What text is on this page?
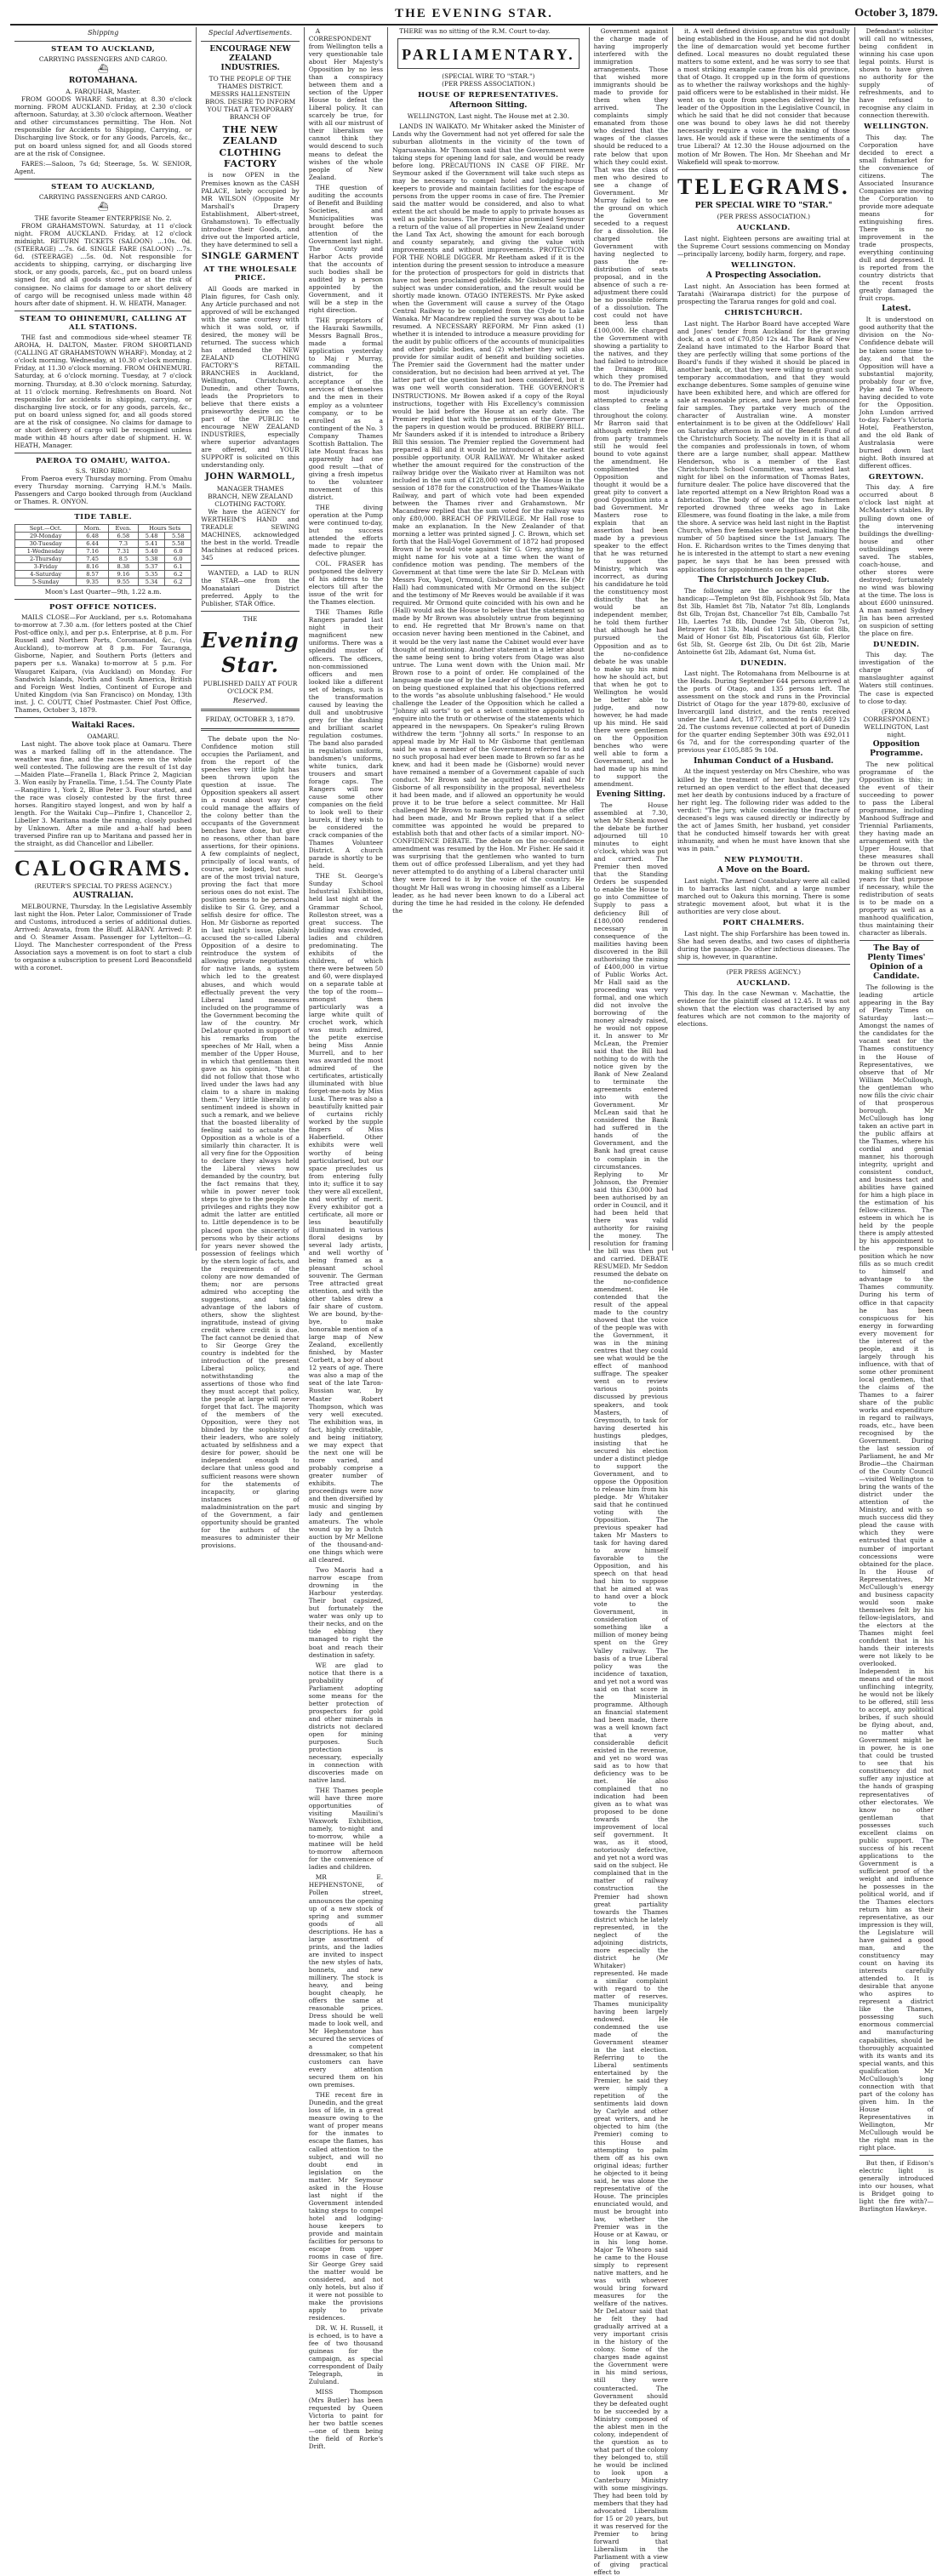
THE EVENING STAR.	October 3, 1879.
Shipping
STEAM TO AUCKLAND,
CARRYING PASSENGERS AND CARGO.
⛴
ROTOMAHANA.
A. FARQUHAR, Master.

FROM GOODS WHARF. Saturday, at 8.30 o'clock morning. FROM AUCKLAND. Friday, at 2.30 o'clock afternoon. Saturday, at 3.30 o'clock afternoon. Weather and other circumstances permitting. The Hon. Not responsible for Accidents to Shipping, Carrying, or Discharging live Stock, or for any Goods, Parcels, &c., put on board unless signed for, and all Goods stored are at the risk of Consignee.

FARES:—Saloon, 7s 6d; Steerage, 5s. W. SENIOR, Agent.

STEAM TO AUCKLAND,
CARRYING PASSENGERS AND CARGO.
⛴
THE favorite Steamer ENTERPRISE No. 2.

FROM GRAHAMSTOWN. Saturday, at 11 o'clock night. FROM AUCKLAND. Friday, at 12 o'clock midnight. RETURN TICKETS (SALOON) ...10s. 0d. (STEERAGE) ...7s. 6d. SINGLE FARE (SALOON) ...7s. 6d. (STEERAGE) ...5s. 0d. Not responsible for accidents to shipping, carrying, or discharging live stock, or any goods, parcels, &c., put on board unless signed for, and all goods stored are at the risk of consignee. No claims for damage to or short delivery of cargo will be recognised unless made within 48 hours after date of shipment. H. W. HEATH, Manager.

STEAM TO OHINEMURI, CALLING AT ALL STATIONS.

THE fast and commodious side-wheel steamer TE AROHA, H. DALTON, Master. FROM SHORTLAND (CALLING AT GRAHAMSTOWN WHARF). Monday, at 2 o'clock morning. Wednesday, at 10.30 o'clock morning. Friday, at 11.30 o'clock morning. FROM OHINEMURI. Saturday, at 6 o'clock morning. Tuesday, at 7 o'clock morning. Thursday, at 8.30 o'clock morning. Saturday, at 11 o'clock morning. Refreshments on Board. Not responsible for accidents in shipping, carrying, or discharging live stock, or for any goods, parcels, &c., put on board unless signed for, and all goods stored are at the risk of consignee. No claims for damage to or short delivery of cargo will be recognised unless made within 48 hours after date of shipment. H. W. HEATH, Manager.

PAEROA TO OMAHU, WAITOA.
S.S. 'RIRO RIRO.'

From Paeroa every Thursday morning. From Omahu every Thursday morning. Carrying H.M.'s Mails. Passengers and Cargo booked through from (Auckland or Thames. R. ONYON.

TIDE TABLE.
Sept.—Oct.	Morn.	Even.	Hours Sets	
29-Monday	6.48	6.58	5.48	5.58
30-Tuesday	6.44	7.3	5.41	5.58
1-Wednesday	7.16	7.31	5.40	6.0
2-Thursday	7.45	8.5	5.38	6.0
3-Friday	8.16	8.38	5.37	6.1
4-Saturday	8.57	9.16	5.35	6.2
5-Sunday	9.35	9.55	5.34	6.2
Moon's Last Quarter—9th, 1.22 a.m.
POST OFFICE NOTICES.

MAILS CLOSE—For Auckland, per s.s. Rotomahana to-morrow at 7.30 a.m. (for letters posted at the Chief Post-office only.), and per p.s. Enterprise, at 8 p.m. For Russell and Northern Ports, Coromandel, &c., (via Auckland), to-morrow at 8 p.m. For Tauranga, Gisborne, Napier, and Southern Ports (letters and papers per s.s. Wanaka) to-morrow at 5 p.m. For Waugaret Kaipara, (via Auckland) on Monday. For Sandwich Islands, North and South America, British and Foreign West Indies, Continent of Europe and United Kingdom (via San Francisco) on Monday, 13th inst. J. C. COUTT, Chief Postmaster. Chief Post Office, Thames, October 3, 1879.

Waitaki Races.
OAMARU.

Last night. The above took place at Oamaru. There was a marked falling off in the attendance. The weather was fine, and the races were on the whole well contested. The following are the result of 1st day—Maiden Plate—Franella 1, Black Prince 2, Magician 3. Won easily by Franella. Time, 1.54. The County Plate—Rangitiro 1, York 2, Blue Peter 3. Four started, and the race was closely contested by the first three horses. Rangitiro stayed longest, and won by half a length. For the Waitaki Cup—Pinfire 1, Chancellor 2, Libeller 3. Maritana made the running, closely pushed by Unknown. After a mile and a-half had been traversed Pinfire ran up to Maritana and passed her in the straight, as did Chancellor and Libeller.

CALOGRAMS.
(REUTER'S SPECIAL TO PRESS AGENCY.)
AUSTRALIAN.

MELBOURNE, Thursday. In the Legislative Assembly last night the Hon. Peter Lalor, Commissioner of Trade and Customs, introduced a series of additional duties. Arrived: Arawata, from the Bluff. ALBANY. Arrived: P. and O. Steamer Assam. Passenger for Lyttelton—G. Lloyd. The Manchester correspondent of the Press Association says a movement is on foot to start a club to organise a subscription to present Lord Beaconsfield with a coronet.

Special Advertisements.
ENCOURAGE NEW ZEALAND INDUSTRIES.
TO THE PEOPLE OF THE THAMES DISTRICT.

MESSRS HALLENSTEIN BROS. DESIRE TO INFORM YOU THAT A TEMPORARY BRANCH OF

THE NEW ZEALAND CLOTHING FACTORY

is now OPEN in the Premises known as the CASH PALACE, lately occupied by MR WILSON (Opposite Mr Marshall's Drapery Establishment, Albert-street, Grahamstown). To effectually introduce their Goods, and drive out the Imported article, they have determined to sell a

SINGLE GARMENT
AT THE WHOLESALE PRICE.

All Goods are marked in Plain figures, for Cash only. Any Article purchased and not approved of will be exchanged with the same courtesy with which it was sold, or, if desired, the money will be returned. The success which has attended the NEW ZEALAND CLOTHING FACTORY'S RETAIL BRANCHES in Auckland, Wellington, Christchurch, Dunedin, and other Towns, leads the Proprietors to believe that there exists a praiseworthy desire on the part of the PUBLIC to encourage NEW ZEALAND INDUSTRIES, especially where superior advantages are offered, and YOUR SUPPORT is solicited on this understanding only.

JOHN WARMOLL,
MANAGER THAMES BRANCH, NEW ZEALAND CLOTHING FACTORY.

We have the AGENCY for WERTHEIM'S HAND and TREADLE SEWING MACHINES, acknowledged the best in the world. Treadle Machines at reduced prices. 345

WANTED, a LAD to RUN the STAR—one from the Moanataiari District preferred. Apply to the Publisher, STAR Office.

THE
Evening Star.
PUBLISHED DAILY AT FOUR O'CLOCK P.M.
Reserved.
FRIDAY, OCTOBER 3, 1879.

The debate upon the No-Confidence motion still occupies the Parliament, and from the report of the speeches very little light has been thrown upon the question at issue. The Opposition speakers all assert in a round about way they could manage the affairs of the colony better than the occupants of the Government benches have done, but give no reasons, other than bare assertions, for their opinions. A few complaints of neglect, principally of local wants, of course, are lodged, but such are of the most trivial nature, proving the fact that more serious ones do not exist. The position seems to be personal dislike to Sir G. Grey, and a selfish desire for office. The Hon. Mr Gisborne as reported in last night's issue, plainly accused the so-called Liberal Opposition of a desire to reintroduce the system of allowing private negotiations for native lands, a system which led to the greatest abuses, and which would effectually prevent the very Liberal land measures included on the programme of the Government becoming the law of the country. Mr DeLatour quoted in support of his remarks from the speeches of Mr Hall, when a member of the Upper House, in which that gentleman then gave as his opinion, "that it did not follow that those who lived under the laws had any claim to a share in making them." Very little liberality of sentiment indeed is shown in such a remark, and we believe that the boasted liberality of feeling said to actuate the Opposition as a whole is of a similarly thin character. It is all very fine for the Opposition to declare they always held the Liberal views now demanded by the country, but the fact remains that they, while in power never took steps to give to the people the privileges and rights they now admit the latter are entitled to. Little dependence is to be placed upon the sincerity of persons who by their actions for years never showed the possession of feelings which by the stern logic of facts, and the requirements of the colony are now demanded of them; nor are persons admired who accepting the suggestions, and taking advantage of the labors of others, show the slightest ingratitude, instead of giving credit where credit is due. The fact cannot be denied that to Sir George Grey the country is indebted for the introduction of the present Liberal policy, and notwithstanding the assertions of those who find they must accept that policy, the people at large will never forget that fact. The majority of the members of the Opposition, were they not blinded by the sophistry of their leaders, who are solely actuated by selfishness and a desire for power, should be independent enough to declare that unless good and sufficient reasons were shown for the statements of incapacity, or glaring instances of maladministration on the part of the Government, a fair opportunity should be granted for the authors of the measures to administer their provisions.

A CORRESPONDENT from Wellington tells a very questionable tale about Her Majesty's Opposition by no less than a conspiracy between them and a section of the Upper House to defeat the Liberal policy. It can scarcely be true, for with all our mistrust of their liberalism we cannot think they would descend to such means to defeat the wishes of the whole people of New Zealand.

THE question of auditing the accounts of Benefit and Building Societies, and Municipalities was brought before the attention of the Government last night. The County and Harbor Acts provide that the accounts of such bodies shall be audited by a person appointed by the Government, and it will be a step in the right direction.

THE proprietors of the Hauraki Sawmills, Messrs Bagnall Bros., made a formal application yesterday to Maj r Murray, commanding the district, for the acceptance of the services of themselves and the men in their employ as a volunteer company, or to be enrolled as a contingent of the No. 3 Company Thames Scottish Battalion. The late Mount fracas has apparently had one good result —that of giving a fresh impetus to the volunteer movement of this district.

THE diving operation at the Pump were continued to-day, but no success attended the efforts made to repair the defective plunger.

COL. FRASER has postponed the delivery of his address to the electors till after the issue of the writ for the Thames election.

THE Thames Rifle Rangers paraded last night in their magnificent new uniforms. There was a splendid muster of officers. The officers, non-commissioned officers and men looked like a different set of beings, such is the transformation caused by leaving the dull and unobtrusive grey for the dashing and brilliant scarlet regulation costumes. The band also paraded in regulation uniform, bandsmen's uniforms, white tunics, dark trousers and smart forage caps. The Rangers will now cause some other companies on the field to look well to their laurels, if they wish to be considered the crack companies of the Thames Volunteer District. A church parade is shortly to be held.

THE St. George's Sunday School Industrial Exhibition, held last night at the Grammar School, Rolleston street, was a great success. The building was crowded, ladies and children predominating. The exhibits of the children, of which there were between 50 and 60, were displayed on a separate table at the top of the room—amongst them particularly was a large white quilt of crochet work, which was much admired, the petite exercise being Miss Annie Murrell, and to her was awarded the most admired of the certificates, artistically illuminated with blue forget-me-nots by Miss Lusk. There was also a beautifully knitted pair of curtains richly worked by the supple fingers of Miss Haberfield. Other exhibits were well worthy of being particularised, but our space precludes us from entering fully into it; suffice it to say they were all excellent, and worthy of merit. Every exhibitor got a certificate, all more or less beautifully illuminated in various floral designs by several lady artists, and well worthy of being framed as a pleasant school souvenir. The German Tree attracted great attention, and with the other tables drew a fair share of custom. We are bound, by-the-bye, to make honorable mention of a large map of New Zealand, excellently finished, by Master Corbett, a boy of about 12 years of age. There was also a map of the seat of the late Taron-Russian war, by Master Robert Thompson, which was very well executed. The exhibition was, in fact, highly creditable, and being initiatory, we may expect that the next one will be more varied, and probably comprise a greater number of exhibits. The proceedings were now and then diversified by music and singing by lady and gentlemen amateurs. The whole wound up by a Dutch auction by Mr Mellone of the thousand-and-one things which were all cleared.

Two Maoris had a narrow escape from drowning in the Harbour yesterday. Their boat capsized, but fortunately the water was only up to their necks, and on the tide ebbing they managed to right the boat and reach their destination in safety.

WE are glad to notice that there is a probability of Parliament adopting some means for the better protection of prospectors for gold and other minerals in districts not declared open for mining purposes. Such protection is necessary, especially in connection with discoveries made on native land.

THE Thames people will have three more opportunities of visiting Mauilini's Waxwork Exhibition, namely, to-night and to-morrow, while a matinee will be held to-morrow afternoon for the convenience of ladies and children.

MR E. HEPHENSTONE, of Pollen street, announces the opening up of a new stock of spring and summer goods of all descriptions. He has a large assortment of prints, and the ladies are invited to inspect the new styles of hats, bonnets, and new millinery. The stock is heavy, and being bought cheaply, he offers the same at reasonable prices. Dress should be well made to look well, and Mr Hephenstone has secured the services of a competent dressmaker, so that his customers can have every attention secured them on his own premises.

THE recent fire in Dunedin, and the great loss of life, in a great measure owing to the want of proper means for the inmates to escape the flames, has called attention to the subject, and will no doubt end in legislation on the matter. Mr Seymour asked in the House last night if the Government intended taking steps to compel hotel and lodging-house keepers to provide and maintain facilities for persons to escape from upper rooms in case of fire. Sir George Grey said the matter would be considered, and not only hotels, but also if it were not possible to make the provisions apply to private residences.

DR. W. H. Russell, it is echoed, is to have a fee of two thousand guineas for the campaign, as special correspondent of Daily Telegraph, in Zululand.

MISS Thompson (Mrs Butler) has been requested by Queen Victoria to paint for her two battle scenes—one of them being the field of Rorke's Drift.

THERE was no sitting of the R.M. Court to-day.

PARLIAMENTARY.
(SPECIAL WIRE TO "STAR.")
(PER PRESS ASSOCIATION.)
HOUSE OF REPRESENTATIVES.
Afternoon Sitting.

WELLINGTON, Last night. The House met at 2.30.

LANDS IN WAIKATO. Mr Whitaker asked the Minister of Lands why the Government had not yet offered for sale the suburban allotments in the vicinity of the town of Ngaruawahia. Mr Thomson said that the Government were taking steps for opening land for sale, and would be ready before long. PRECAUTIONS IN CASE OF FIRE. Mr Seymour asked if the Government will take such steps as may be necessary to compel hotel and lodging-house keepers to provide and maintain facilities for the escape of persons from the upper rooms in case of fire. The Premier said the matter would be considered, and also to what extent the act should be made to apply to private houses as well as public houses. The Premier also promised Seymour a return of the value of all properties in New Zealand under the Land Tax Act, showing the amount for each borough and county separately, and giving the value with improvements and without improvements. PROTECTION FOR THE NOBLE DIGGER. Mr Reetham asked if it is the intention during the present session to introduce a measure for the protection of prospectors for gold in districts that have not been proclaimed goldfields. Mr Gisborne said the subject was under consideration, and the result would be shortly made known. OTAGO INTERESTS. Mr Pyke asked when the Government will cause a survey of the Otago Central Railway to be completed from the Clyde to Lake Wanaka. Mr Macandrew replied the survey was about to be resumed. A NECESSARY REFORM. Mr Finn asked (1) whether it is intended to introduce a measure providing for the audit by public officers of the accounts of municipalities and other public bodies, and (2) whether they will also provide for similar audit of benefit and building societies. The Premier said the Government had the matter under consideration, but no decision had been arrived at yet. The latter part of the question had not been considered, but it was one well worth consideration. THE GOVERNOR'S INSTRUCTIONS. Mr Bowen asked if a copy of the Royal instructions, together with His Excellency's commission would be laid before the House at an early date. The Premier replied that with the permission of the Governor the papers in question would be produced. BRIBERY BILL. Mr Saunders asked if it is intended to introduce a Bribery Bill this session. The Premier replied the Government had prepared a Bill and it would be introduced at the earliest possible opportunity. OUR RAILWAY. Mr Whitaker asked whether the amount required for the construction of the railway bridge over the Waikato river at Hamilton was not included in the sum of £128,000 voted by the House in the session of 1878 for the construction of the Thames-Waikato Railway, and part of which vote had been expended between the Thames river and Grahamstown. Mr Macandrew replied that the sum voted for the railway was only £80,000. BREACH OF PRIVILEGE. Mr Hall rose to make an explanation. In the New Zealander of that morning a letter was printed signed J. C. Brown, which set forth that the Hall-Vogel Government of 1872 had proposed Brown if he would vote against Sir G. Grey, anything he might name for his vote at a time when the want of confidence motion was pending. The members of the Government at that time were the late Sir D. McLean with Messrs Fox, Vogel, Ormond, Gisborne and Reeves. He (Mr Hall) had communicated with Mr Ormond on the subject and the testimony of Mr Reeves would be available if it was required. Mr Ormond quite coincided with his own and he (Hall) would ask the House to believe that the statement so made by Mr Brown was absolutely untrue from beginning to end. He regretted that Mr Brown's name on that occasion never having been mentioned in the Cabinet, and it would be the very last name the Cabinet would ever have thought of mentioning. Another statement in a letter about the same being sent to bring voters from Otago was also untrue. The Luna went down with the Union mail. Mr Brown rose to a point of order. He complained of the language made use of by the Leader of the Opposition, and on being questioned explained that his objections referred to the words "as absolute unblushing falsehood." He would challenge the Leader of the Opposition which he called a "Johnny all sorts" to get a select committee appointed to enquire into the truth or otherwise of the statements which appeared in the newspapers. On Speaker's ruling Brown withdrew the term "Johnny all sorts." In response to an appeal made by Mr Hall to Mr Gisborne that gentleman said he was a member of the Government referred to and no such proposal had ever been made to Brown so far as he knew, and had it been made he (Gisborne) would never have remained a member of a Government capable of such conduct. Mr Brown said he acquitted Mr Hall and Mr Gisborne of all responsibility in the proposal, nevertheless it had been made, and if allowed an opportunity he would prove it to be true before a select committee. Mr Hall challenged Mr Brown to name the party by whom the offer had been made, and Mr Brown replied that if a select committee was appointed he would be prepared to establish both that and other facts of a similar import. NO-CONFIDENCE DEBATE. The debate on the no-confidence amendment was resumed by the Hon. Mr Fisher. He said it was surprising that the gentlemen who wanted to turn them out of office professed Liberalism, and yet they had never attempted to do anything of a Liberal character until they were forced to it by the voice of the country. He thought Mr Hall was wrong in choosing himself as a Liberal leader, as he had never been known to do a Liberal act during the time he had resided in the colony. He defended the

Government against the charge made of having improperly interfered with the immigration arrangements. Those that wished more immigrants should be made to provide for them when they arrived. The complaints simply emanated from those who desired that the wages of the classes should be reduced to a rate below that upon which they could exist. That was the class of men who desired to see a change of Government. Mr Murray failed to see the ground on which the Government seceded to a request for a dissolution. He charged the Government with having neglected to pass the re-distribution of seats proposal, and in the absence of such a re-adjustment there could be no possible reform of a dissolution. The cost could not have been less than £100,000. He charged the Government with showing a partiality to the natives, and they had failed to introduce the Drainage Bill, which they promised to do. The Premier had most injudiciously attempted to create a class feeling throughout the colony. Mr Barron said that although entirely free from party trammels still he would feel bound to vote against the amendment. He complimented the Opposition and thought it would be a great pity to convert a good Opposition into a bad Government. Mr Masters rose to explain that an assertion had been made by a previous speaker to the effect that he was returned to support the Ministry, which was incorrect, as during his candidature he told the constituency most distinctly that he would be an independent member, he told them further that although he had pursued the Opposition and as to the no-confidence debate he was unable to make up his mind how he should act, but that when he got to Wellington he would be better able to judge, and now however, he had made up his mind. He said there were gentlemen on the Opposition benches who were well able to form a Government, and he had made up his mind to support the amendment.

Evening Sitting.

The House assembled at 7.30, when Mr Shenk moved the debate be further adjourned till 10 minutes to eight o'clock, which was put and carried. The Premier then moved that the Standing Orders be suspended to enable the House to go into Committee of Supply to pass a deficiency Bill of £180,000 rendered necessary in consequence of the mailities having been discovered in the Bill authorising the raising of £400,000 in virtue of Public Works Act. Mr Hall said as the proceeding was very formal, and one which did not involve the borrowing of the money already raised, he would not oppose it. In answer to Mr McLean, the Premier said that the Bill had nothing to do with the notice given by the Bank of New Zealand to terminate the agreements entered into with the Government. Mr McLean said that he considered the Bank had suffered in the hands of the Government, and the Bank had great cause to complain in the circumstances. Replying to Mr Johnson, the Premier said this £30,000 had been authorised by an order in Council, and it had been held that there was valid authority for raising the money. The resolution for framing the bill was then put and carried. DEBATE RESUMED. Mr Seddon resumed the debate on the no-confidence amendment. He contended that the result of the appeal made to the country showed that the voice of the people was with the Government, it was in the mining centres that they could see what would be the effect of manhood suffrage. The speaker went on to review various points discussed by previous speakers, and took Masters, of Greymouth, to task for having deserted his hustings pledges, insisting that he secured his election under a distinct pledge to support the Government, and to oppose the Opposition to release him from his pledge. Mr Whitaker said that he continued voting with the Opposition. The previous speaker had taken Mr Masters to task for having dared to avow himself favorable to the Opposition, and his speech on that head had him to suppose that he aimed at was to hand over a block vote to the Government, in consideration of something like a million of money being spent on the Grey Valley railway. The basis of a true Liberal policy was the incidence of taxation, and yet not a word was said on that score in the Ministerial programme. Although an financial statement had been made, there was a well known fact that a very considerable deficit existed in the revenue, and yet no word was said as to how that deficiency was to be met. He also complained that no indication had been given as to what was proposed to be done towards the improvement of local self government. It was, as it stood, notoriously defective, and yet not a word was said on the subject. He complained that in the matter of railway construction the Premier had shown great partiality towards the Thames district which he lately represented, in the neglect of the adjoining districts, more especially the district he (Mr Whitaker) represented. He made a similar complaint with regard to the matter of reserves. Thames municipality having been largely endowed. He condemned the use made of the Government steamer in the last election. Referring to the Liberal sentiments entertained by the Premier, he said they were simply a repetition of the sentiments laid down by Carlyle and other great writers, and he objected to him (the Premier) coming to this House and attempting to palm them off as his own original ideas; further he objected to it being said, he was alone the representative of the House. The principles enunciated would, and must be brought into law, whether the Premier was in the House or at Kawau, or in his long home. Major Te Wheoro said he came to the House simply to represent native matters, and he was with whoever would bring forward measures for the welfare of the natives. Mr DeLatour said that he felt they had gradually arrived at a very important crisis in the history of the colony. Some of the charges made against the Government were in his mind serious, still they were counteracted. The Government should they be defeated ought to be succeeded by a Ministry composed of the ablest men in the colony, independent of the question as to what part of the colony they belonged to, still he would be inclined to look upon a Canterbury Ministry with some misgivings. They had been told by members that they had advocated Liberalism for 15 or 20 years, but it was reserved for the Premier to bring forward that Liberalism in the Parliament with a view of giving practical effect to

it. A well defined division apparatus was gradually being established in the House, and he did not doubt the line of demarcation would yet become further defined. Local measures no doubt regulated these matters to some extent, and he was sorry to see that a most striking example came from his old province, that of Otago. It cropped up in the form of questions as to whether the railway workshops and the highly-paid officers were to be established in their midst. He went on to quote from speeches delivered by the leader of the Opposition in the Legislative Council, in which he said that he did not consider that because one was bound to obey laws he did not thereby necessarily require a voice in the making of those laws. He would ask if these were the sentiments of a true Liberal? At 12.30 the House adjourned on the motion of Mr Bowen. The Hon. Mr Sheehan and Mr Wakefield will speak to-morrow.

TELEGRAMS.
PER SPECIAL WIRE TO "STAR."
(PER PRESS ASSOCIATION.)
AUCKLAND.

Last night. Eighteen persons are awaiting trial at the Supreme Court sessions commencing on Monday—principally larceny, bodily harm, forgery, and rape.

WELLINGTON.
A Prospecting Association.

Last night. An Association has been formed at Taratahi (Wairarapa district) for the purpose of prospecting the Tararua ranges for gold and coal.

CHRISTCHURCH.

Last night. The Harbor Board have accepted Ware and Jones' tender from Auckland for the graving dock, at a cost of £70,850 12s 4d. The Bank of New Zealand have intimated to the Harbor Board that they are perfectly willing that some portions of the Board's funds if they wished it should be placed in another bank, or, that they were willing to grant such temporary accommodation, and that they would exchange debentures. Some samples of genuine wine have been exhibited here, and which are offered for sale at reasonable prices, and have been pronounced fair samples. They partake very much of the character of Australian wine. A monster entertainment is to be given at the Oddfellows' Hall on Saturday afternoon in aid of the Benefit Fund of the Christchurch Society. The novelty in it is that all the companies and professionals in town, of whom there are a large number, shall appear. Matthew Henderson, who is a member of the East Christchurch School Committee, was arrested last night for libel on the information of Thomas Bates, furniture dealer. The police have discovered that the late reported attempt on a New Brighton Road was a fabrication. The body of one of the two fishermen reported drowned three weeks ago in Lake Ellesmere, was found floating in the lake, a mile from the shore. A service was held last night in the Baptist Church, when five females were baptised, making the number of 50 baptised since the 1st January. The Hon. E. Richardson writes to the Times denying that he is interested in the attempt to start a new evening paper, he says that he has been pressed with applications for appointments on the paper.

The Christchurch Jockey Club.

The following are the acceptances for the handicap:—Templeton 9st 8lb, Fishhook 9st 5lb, Mata 8st 3lb, Hamlet 8st 7lb, Natator 7st 8lb, Longlands 8st 6lb, Trojan 8st, Chancellor 7st 8lb, Camballo 7st 1lb, Laertes 7st 8lb, Dundee 7st 5lb, Oberon 7st, Betrayer 6st 13lb, Maid 6st 12lb Atlantic 6st 8lb, Maid of Honor 6st 8lb, Piscatorious 6st 6lb, Flerlor 6st 5lb, St. George 6st 2lb, Ou Dit 6st 2lb, Marie Antoinette 6st 2lb, Adamant 6st, Numa 6st.

DUNEDIN.

Last night. The Rotomahana from Melbourne is at the Heads. During September 644 persons arrived at the ports of Otago, and 135 persons left. The assessment on the stock and runs in the Provincial District of Otago for the year 1879-80, exclusive of Invercargill land district, and the rents received under the Land Act, 1877, amounted to £40,689 12s 2d. The customs revenue collected at port of Dunedin for the quarter ending September 30th was £92,011 6s 7d, and for the corresponding quarter of the previous year £105,885 9s 10d.

Inhuman Conduct of a Husband.

At the inquest yesterday on Mrs Cheshire, who was killed by the treatment of her husband, the jury returned an open verdict to the effect that deceased met her death by contusions induced by a fracture of her right leg. The following rider was added to the verdict: "The jury, while considering the fracture of deceased's legs was caused directly or indirectly by the act of James Smith, her husband, yet consider that he conducted himself towards her with great inhumanity, and when he must have known that she was in pain."

NEW PLYMOUTH.
A Move on the Board.

Last night. The Armed Constabulary were all called in to barracks last night, and a large number marched out to Oakura this morning. There is some strategic movement afoot, but what it is the authorities are very close about.

PORT CHALMERS.

Last night. The ship Forfarshire has been towed in. She had seven deaths, and two cases of diphtheria during the passage. Do other infectious diseases. The ship is, however, in quarantine.

(PER PRESS AGENCY.)
AUCKLAND.

This day. In the case Newman v. Machattie, the evidence for the plaintiff closed at 12.45. It was not shown that the election was characterised by any features which are not common to the majority of elections.

Defendant's solicitor will call no witnesses, being confident in winning his case upon legal points. Hurst is shown to have given no authority for the supply of refreshments, and to have refused to recognise any claim in connection therewith.

WELLINGTON.

This day. The Corporation have decided to erect a small fishmarket for the convenience of citizens. The Associated Insurance Companies are moving the Corporation to provide more adequate means for extinguishing fires. There is no improvement in the trade prospects, everything continuing dull and depressed. It is reported from the country districts that the recent frosts greatly damaged the fruit crops.

Latest.

It is understood on good authority that the division on the No-Confidence debate will be taken some time to-day, and that the Opposition will have a substantial majority, probably four or five, Pyke and Te Wheoro having decided to vote for the Opposition. John Lundon arrived to-day. Faber's Victoria Hotel, Featherston, and the old Bank of Australasia were burned down last night. Both insured at different offices.

GREYTOWN.

This day. A fire occurred about 8 o'clock last night at McMaster's stables. By pulling down one of the intervening buildings the dwelling-house and other outbuildings were saved. The stables, coach-house, and other stores were destroyed; fortunately no wind was blowing at the time. The loss is about £600 uninsured. A man named Sydney Jin has been arrested on suspicion of setting the place on fire.

DUNEDIN.

This day. The investigation of the charge of manslaughter against Waters still continues. The case is expected to close to-day.

(FROM A CORRESPONDENT.)
WELLINGTON, Last night.
Opposition Programme.

The new political programme of the Opposition is this; in the event of their succeeding to power to pass the Liberal programme, including Manhood Suffrage and Triennial Parliaments, they having made an arrangement with the Upper House, that these measures shall be thrown out there, making sufficient new years for that purpose if necessary, while the redistribution of seats is to be made on a property as well as a manhood qualification, thus maintaining their character as liberals.

The Bay of Plenty Times' Opinion of a Candidate.

The following is the leading article appearing in the Bay of Plenty Times on Saturday last:— Amongst the names of the candidates for the vacant seat for the Thames constituency in the House of Representatives, we observe that of Mr William McCullough, the gentleman who now fills the civic chair of that prosperous borough. Mr McCullough has long taken an active part in the public affairs at the Thames, where his cordial and genial manner, his thorough integrity, upright and consistent conduct, and business tact and abilities have gained for him a high place in the estimation of his fellow-citizens. The esteem in which he is held by the people there is amply attested by his appointment to the responsible position which he now fills as so much credit to himself and advantage to the Thames community. During his term of office in that capacity he has been conspicuous for his energy in forwarding every movement for the interest of the people, and it is largely through his influence, with that of some other prominent local gentlemen, that the claims of the Thames to a fairer share of the public works and expenditure in regard to railways, roads, etc., have been recognised by the Government. During the last session of Parliament, he and Mr Brodie—the Chairman of the County Council—visited Wellington to bring the wants of the district under the attention of the Ministry, and with so much success did they plead the cause with which they were entrusted that quite a number of important concessions were obtained for the place. In the House of Representatives, Mr McCullough's energy and business capacity would soon make themselves felt by his fellow-legislators, and the electors at the Thames might feel confident that in his hands their interests were not likely to be overlooked. Independent in his means and of the most unflinching integrity, he would not be likely to be offered, still less to accept, any political bribes, if such should be flying about, and, no matter what Government might be in power, he is one that could be trusted to see that his constituency did not suffer any injustice at the hands of grasping representatives of other electorates. We know no other gentleman that possesses such excellent claims on public support. The success of his recent applications to the Government is a sufficient proof of the weight and influence he possesses in the political world, and if the Thames electors return him as their representative, as our impression is they will, the Legislature will have gained a good man, and the constituency may count on having its interests carefully attended to. It is desirable that anyone who aspires to represent a district like the Thames, possessing such enormous commercial and manufacturing capabilities, should be thoroughly acquainted with its wants and its special wants, and this qualification Mr McCullough's long connection with that part of the colony has given him. In the House of Representatives in Wellington, Mr McCullough would be the right man in the right place.

But then, if Edison's electric light is generally introduced into our houses, what is Bridget going to light the fire with?—Burlington Hawkeye.
